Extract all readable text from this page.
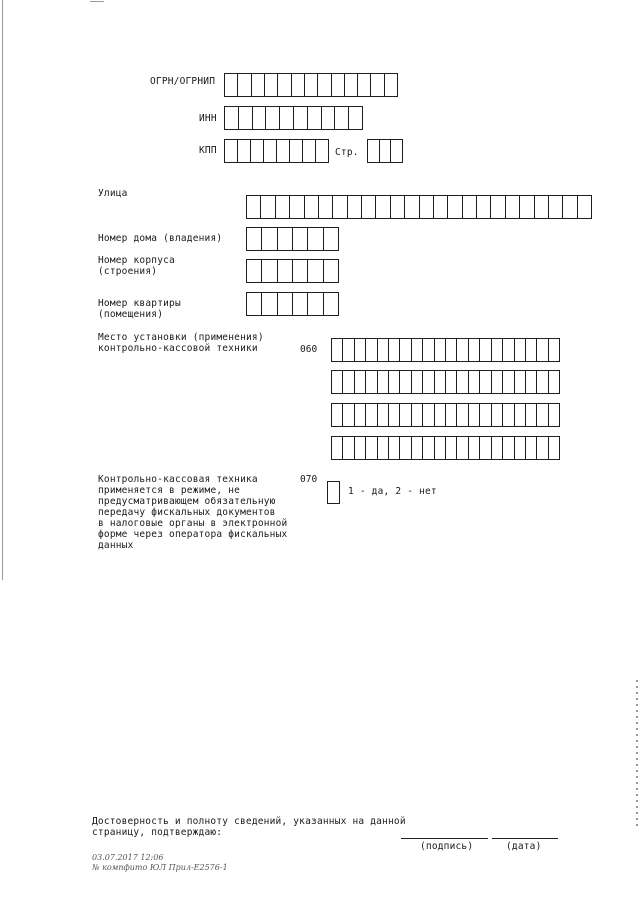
ОГРН/ОГРНИП
ИНН
КПП	Стр.
Улица
Номер дома (владения)
Номер корпуса
(строения)
Номер квартиры
(помещения)
Место установки (применения)
контрольно-кассовой техники	060
Контрольно-кассовая техника
применяется в режиме, не
предусматривающем обязательную
передачу фискальных документов
в налоговые органы в электронной
форме через оператора фискальных
данных
070
1 - да, 2 - нет
Достоверность и полноту сведений, указанных на данной
страницу, подтверждаю:
(подпись)	(дата)
03.07.2017 12:06
№ компфито ЮЛ Прил-Е2576-1
